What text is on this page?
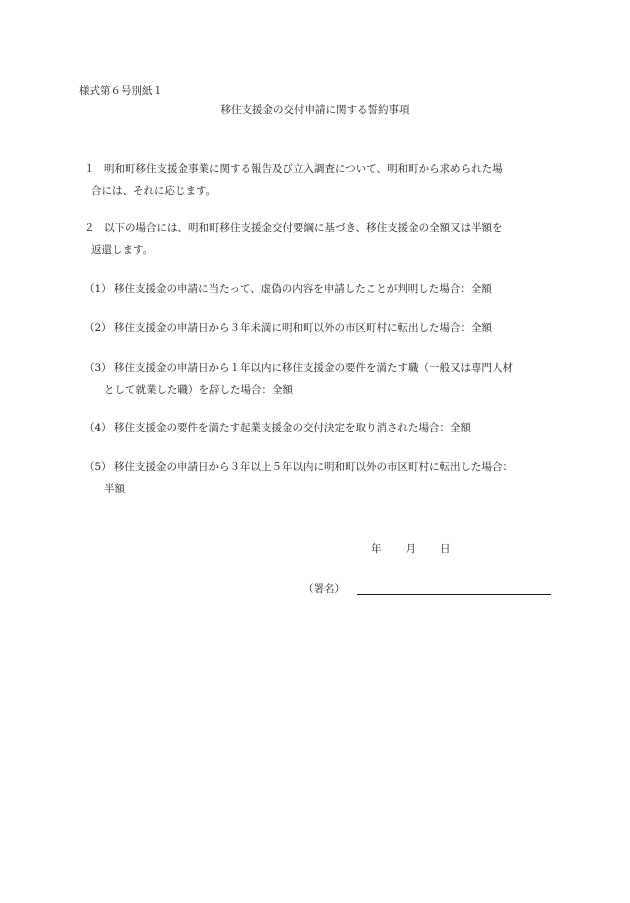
様式第６号別紙１
移住支援金の交付申請に関する誓約事項
１ 明和町移住支援金事業に関する報告及び立入調査について、明和町から求められた場
合には、それに応じます。
２ 以下の場合には、明和町移住支援金交付要綱に基づき、移住支援金の全額又は半額を
返還します。
（1） 移住支援金の申請に当たって、虚偽の内容を申請したことが判明した場合：全額
（2） 移住支援金の申請日から３年未満に明和町以外の市区町村に転出した場合：全額
（3） 移住支援金の申請日から１年以内に移住支援金の要件を満たす職（一般又は専門人材
として就業した職）を辞した場合：全額
（4） 移住支援金の要件を満たす起業支援金の交付決定を取り消された場合：全額
（5） 移住支援金の申請日から３年以上５年以内に明和町以外の市区町村に転出した場合：
半額
年 月 日
（署名）
